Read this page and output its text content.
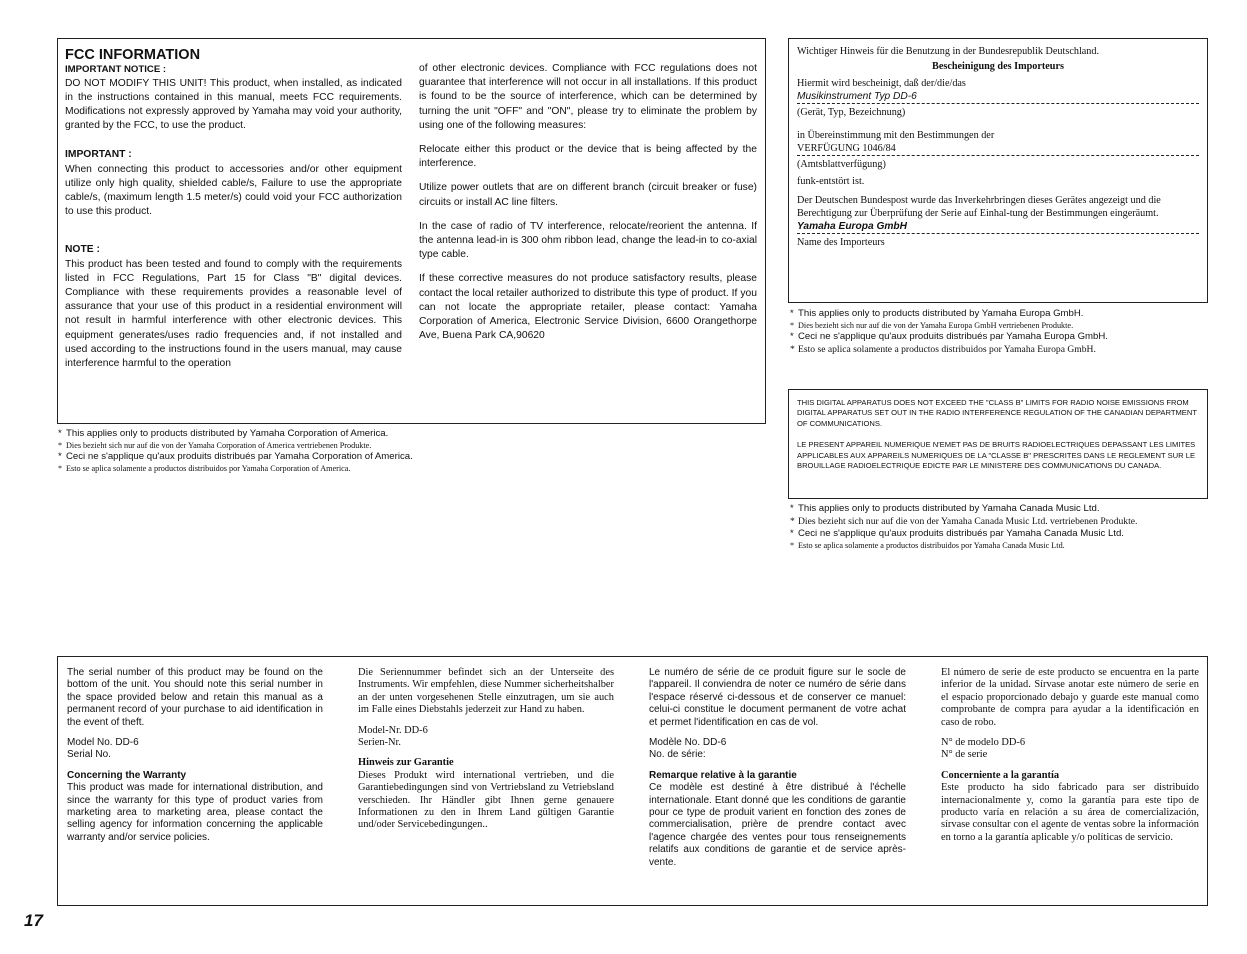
FCC INFORMATION

IMPORTANT NOTICE :

DO NOT MODIFY THIS UNIT! This product, when installed, as indicated in the instructions contained in this manual, meets FCC requirements. Modifications not expressly approved by Yamaha may void your authority, granted by the FCC, to use the product.

IMPORTANT :

When connecting this product to accessories and/or other equipment utilize only high quality, shielded cable/s, Failure to use the appropriate cable/s, (maximum length 1.5 meter/s) could void your FCC authorization to use this product.

NOTE :

This product has been tested and found to comply with the requirements listed in FCC Regulations, Part 15 for Class "B" digital devices. Compliance with these requirements provides a reasonable level of assurance that your use of this product in a residential environment will not result in harmful interference with other electronic devices. This equipment generates/uses radio frequencies and, if not installed and used according to the instructions found in the users manual, may cause interference harmful to the operation

of other electronic devices. Compliance with FCC regulations does not guarantee that interference will not occur in all installations. If this product is found to be the source of interference, which can be determined by turning the unit "OFF" and "ON", please try to eliminate the problem by using one of the following measures:

Relocate either this product or the device that is being affected by the interference.

Utilize power outlets that are on different branch (circuit breaker or fuse) circuits or install AC line filters.

In the case of radio of TV interference, relocate/reorient the antenna. If the antenna lead-in is 300 ohm ribbon lead, change the lead-in to co-axial type cable.

If these corrective measures do not produce satisfactory results, please contact the local retailer authorized to distribute this type of product. If you can not locate the appropriate retailer, please contact: Yamaha Corporation of America, Electronic Service Division, 6600 Orangethorpe Ave, Buena Park CA,90620

* This applies only to products distributed by Yamaha Corporation of America.
* Dies bezieht sich nur auf die von der Yamaha Corporation of America vertriebenen Produkte.
* Ceci ne s'applique qu'aux produits distribués par Yamaha Corporation of America.
* Esto se aplica solamente a productos distribuidos por Yamaha Corporation of America.

Wichtiger Hinweis für die Benutzung in der Bundesrepublik Deutschland.

Bescheinigung des Importeurs

Hiermit wird bescheinigt, daß der/die/das

Musikinstrument Typ DD-6

(Gerät, Typ, Bezeichnung)

in Übereinstimmung mit den Bestimmungen der

VERFÜGUNG 1046/84

(Amtsblattverfügung)

funk-entstört ist.

Der Deutschen Bundespost wurde das Inverkehrbringen dieses Gerätes angezeigt und die Berechtigung zur Überprüfung der Serie auf Einhal-tung der Bestimmungen eingeräumt.

Yamaha Europa GmbH

Name des Importeurs

* This applies only to products distributed by Yamaha Europa GmbH.
* Dies bezieht sich nur auf die von der Yamaha Europa GmbH vertriebenen Produkte.
* Ceci ne s'applique qu'aux produits distribués par Yamaha Europa GmbH.
* Esto se aplica solamente a productos distribuidos por Yamaha Europa GmbH.

THIS DIGITAL APPARATUS DOES NOT EXCEED THE "CLASS B" LIMITS FOR RADIO NOISE EMISSIONS FROM DIGITAL APPARATUS SET OUT IN THE RADIO INTERFERENCE REGULATION OF THE CANADIAN DEPARTMENT OF COMMUNICATIONS.

LE PRESENT APPAREIL NUMERIQUE N'EMET PAS DE BRUITS RADIOELECTRIQUES DEPASSANT LES LIMITES APPLICABLES AUX APPAREILS NUMERIQUES DE LA "CLASSE B" PRESCRITES DANS LE REGLEMENT SUR LE BROUILLAGE RADIOELECTRIQUE EDICTE PAR LE MINISTERE DES COMMUNICATIONS DU CANADA.

* This applies only to products distributed by Yamaha Canada Music Ltd.
* Dies bezieht sich nur auf die von der Yamaha Canada Music Ltd. vertriebenen Produkte.
* Ceci ne s'applique qu'aux produits distribués par Yamaha Canada Music Ltd.
* Esto se aplica solamente a productos distribuidos por Yamaha Canada Music Ltd.

The serial number of this product may be found on the bottom of the unit. You should note this serial number in the space provided below and retain this manual as a permanent record of your purchase to aid identification in the event of theft.

Model No. DD-6

Serial No.

Concerning the Warranty

This product was made for international distribution, and since the warranty for this type of product varies from marketing area to marketing area, please contact the selling agency for information concerning the applicable warranty and/or service policies.

Die Seriennummer befindet sich an der Unterseite des Instruments. Wir empfehlen, diese Nummer sicherheitshalber an der unten vorgesehenen Stelle einzutragen, um sie auch im Falle eines Diebstahls jederzeit zur Hand zu haben.

Model-Nr. DD-6

Serien-Nr.

Hinweis zur Garantie

Dieses Produkt wird international vertrieben, und die Garantiebedingungen sind von Vertriebsland zu Vetriebsland verschieden. Ihr Händler gibt Ihnen gerne genauere Informationen zu den in Ihrem Land gültigen Garantie und/oder Servicebedingungen..

Le numéro de série de ce produit figure sur le socle de l'appareil. Il conviendra de noter ce numéro de série dans l'espace réservé ci-dessous et de conserver ce manuel: celui-ci constitue le document permanent de votre achat et permet l'identification en cas de vol.

Modèle No. DD-6

No. de série:

Remarque relative à la garantie

Ce modèle est destiné à être distribué à l'échelle internationale. Etant donné que les conditions de garantie pour ce type de produit varient en fonction des zones de commercialisation, prière de prendre contact avec l'agence chargée des ventes pour tous renseignements relatifs aux conditions de garantie et de service après-vente.

El número de serie de este producto se encuentra en la parte inferior de la unidad. Sírvase anotar este número de serie en el espacio proporcionado debajo y guarde este manual como comprobante de compra para ayudar a la identificación en caso de robo.

N° de modelo DD-6

N° de serie

Concerniente a la garantía

Este producto ha sido fabricado para ser distribuido internacionalmente y, como la garantía para este tipo de producto varía en relación a su área de comercialización, sírvase consultar con el agente de ventas sobre la información en torno a la garantía aplicable y/o políticas de servicio.

17
